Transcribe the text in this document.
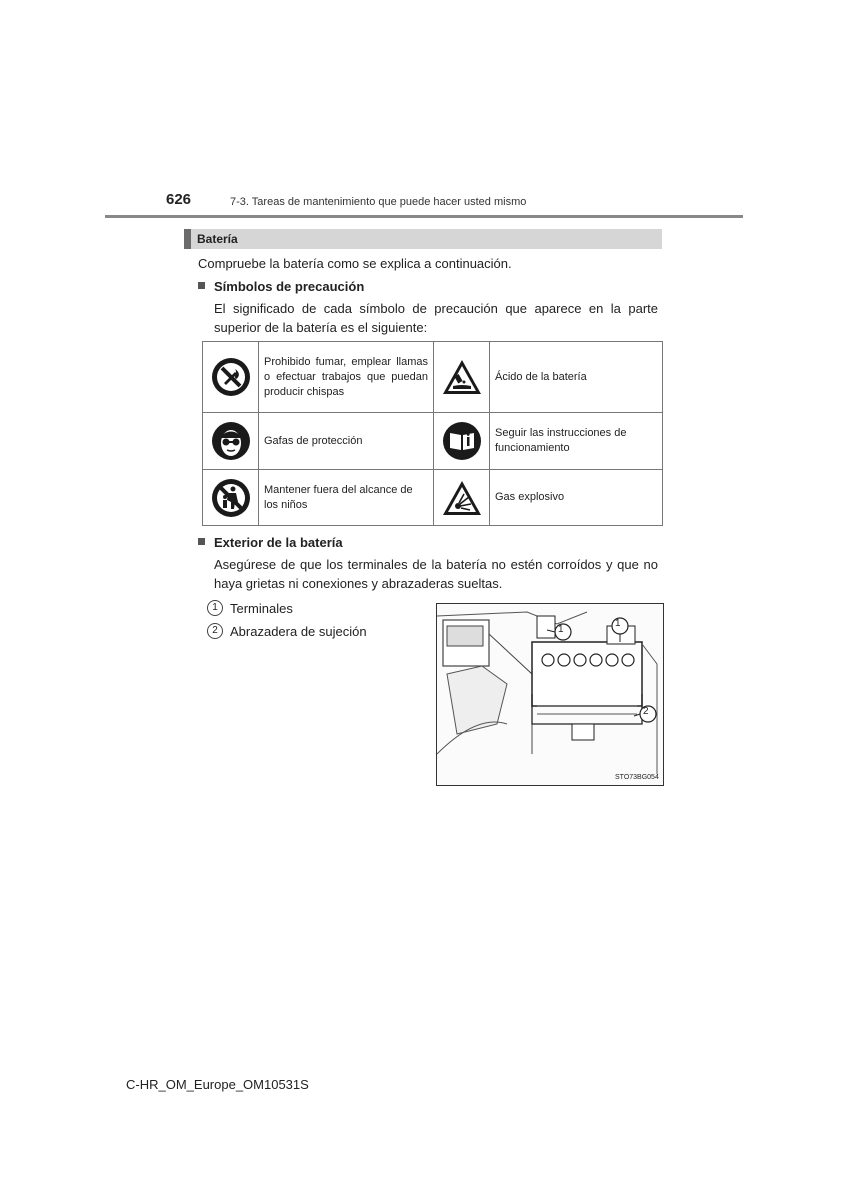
626	7-3. Tareas de mantenimiento que puede hacer usted mismo
Batería
Compruebe la batería como se explica a continuación.
Símbolos de precaución
El significado de cada símbolo de precaución que aparece en la parte superior de la batería es el siguiente:
	Prohibido fumar, emplear llamas o efectuar trabajos que puedan producir chispas		Ácido de la batería

	Gafas de protección		Seguir las instrucciones de funcionamiento

	Mantener fuera del alcance de los niños		Gas explosivo
Exterior de la batería
Asegúrese de que los terminales de la batería no estén corroídos y que no haya grietas ni conexiones y abrazaderas sueltas.
1 Terminales
2 Abrazadera de sujeción	1
1
2
STO73BG054
C-HR_OM_Europe_OM10531S
